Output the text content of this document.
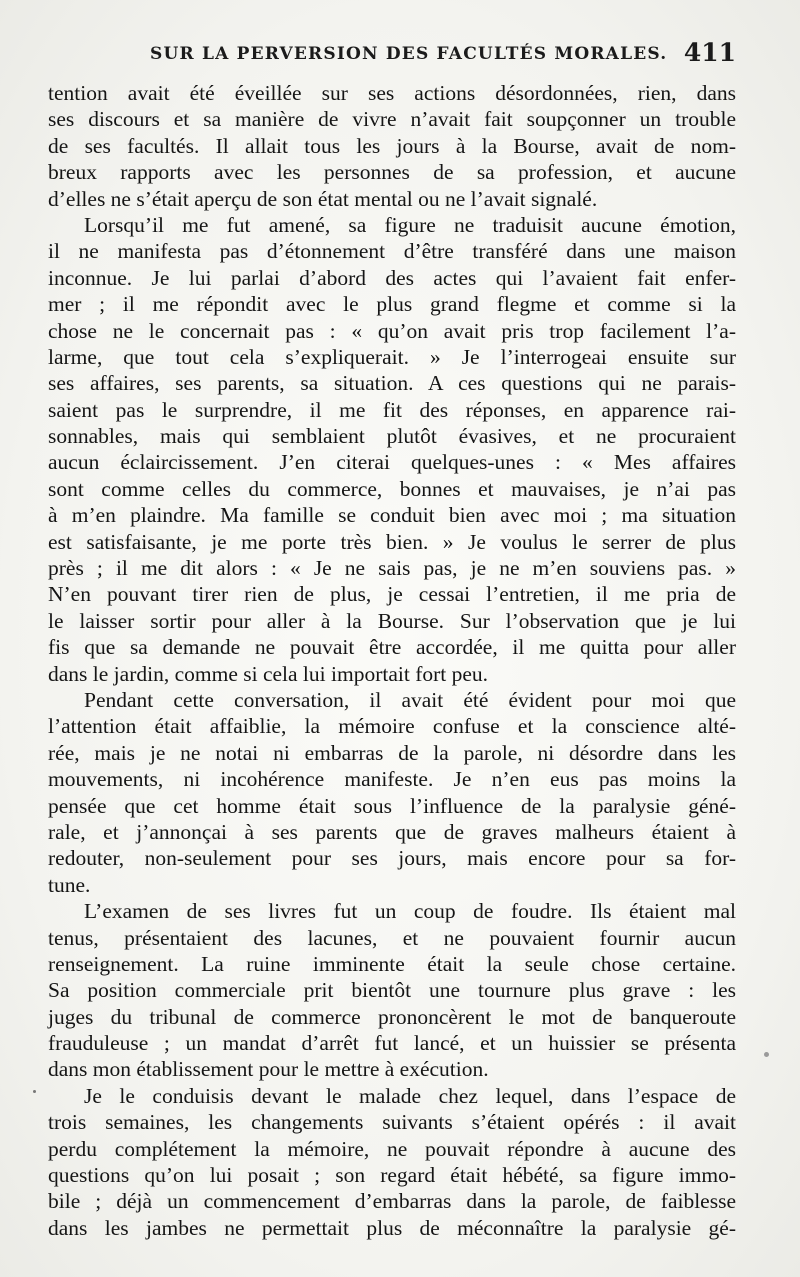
SUR LA PERVERSION DES FACULTÉS MORALES. 411
tention avait été éveillée sur ses actions désordonnées, rien, dans
ses discours et sa manière de vivre n’avait fait soupçonner un trouble
de ses facultés. Il allait tous les jours à la Bourse, avait de nom-
breux rapports avec les personnes de sa profession, et aucune
d’elles ne s’était aperçu de son état mental ou ne l’avait signalé.
Lorsqu’il me fut amené, sa figure ne traduisit aucune émotion,
il ne manifesta pas d’étonnement d’être transféré dans une maison
inconnue. Je lui parlai d’abord des actes qui l’avaient fait enfer-
mer ; il me répondit avec le plus grand flegme et comme si la
chose ne le concernait pas : « qu’on avait pris trop facilement l’a-
larme, que tout cela s’expliquerait. » Je l’interrogeai ensuite sur
ses affaires, ses parents, sa situation. A ces questions qui ne parais-
saient pas le surprendre, il me fit des réponses, en apparence rai-
sonnables, mais qui semblaient plutôt évasives, et ne procuraient
aucun éclaircissement. J’en citerai quelques-unes : « Mes affaires
sont comme celles du commerce, bonnes et mauvaises, je n’ai pas
à m’en plaindre. Ma famille se conduit bien avec moi ; ma situation
est satisfaisante, je me porte très bien. » Je voulus le serrer de plus
près ; il me dit alors : « Je ne sais pas, je ne m’en souviens pas. »
N’en pouvant tirer rien de plus, je cessai l’entretien, il me pria de
le laisser sortir pour aller à la Bourse. Sur l’observation que je lui
fis que sa demande ne pouvait être accordée, il me quitta pour aller
dans le jardin, comme si cela lui importait fort peu.
Pendant cette conversation, il avait été évident pour moi que
l’attention était affaiblie, la mémoire confuse et la conscience alté-
rée, mais je ne notai ni embarras de la parole, ni désordre dans les
mouvements, ni incohérence manifeste. Je n’en eus pas moins la
pensée que cet homme était sous l’influence de la paralysie géné-
rale, et j’annonçai à ses parents que de graves malheurs étaient à
redouter, non-seulement pour ses jours, mais encore pour sa for-
tune.
L’examen de ses livres fut un coup de foudre. Ils étaient mal
tenus, présentaient des lacunes, et ne pouvaient fournir aucun
renseignement. La ruine imminente était la seule chose certaine.
Sa position commerciale prit bientôt une tournure plus grave : les
juges du tribunal de commerce prononcèrent le mot de banqueroute
frauduleuse ; un mandat d’arrêt fut lancé, et un huissier se présenta
dans mon établissement pour le mettre à exécution.
Je le conduisis devant le malade chez lequel, dans l’espace de
trois semaines, les changements suivants s’étaient opérés : il avait
perdu complétement la mémoire, ne pouvait répondre à aucune des
questions qu’on lui posait ; son regard était hébété, sa figure immo-
bile ; déjà un commencement d’embarras dans la parole, de faiblesse
dans les jambes ne permettait plus de méconnaître la paralysie gé-
